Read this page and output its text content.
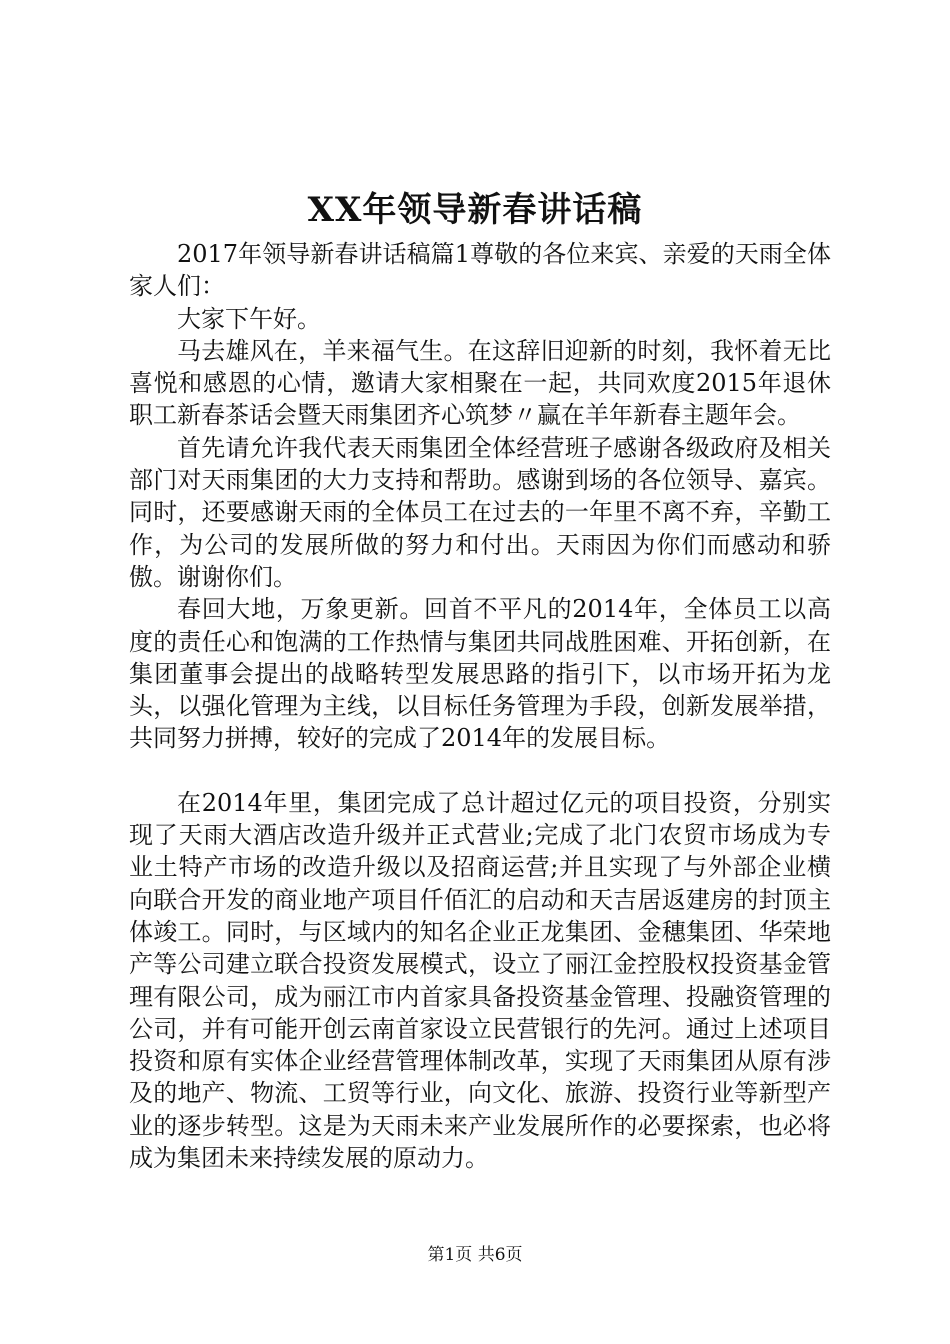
XX年领导新春讲话稿

2017年领导新春讲话稿篇1尊敬的各位来宾、亲爱的天雨全体家人们：

大家下午好。

马去雄风在，羊来福气生。在这辞旧迎新的时刻，我怀着无比喜悦和感恩的心情，邀请大家相聚在一起，共同欢度2015年退休职工新春茶话会暨天雨集团齐心筑梦〃赢在羊年新春主题年会。

首先请允许我代表天雨集团全体经营班子感谢各级政府及相关部门对天雨集团的大力支持和帮助。感谢到场的各位领导、嘉宾。同时，还要感谢天雨的全体员工在过去的一年里不离不弃，辛勤工作，为公司的发展所做的努力和付出。天雨因为你们而感动和骄傲。谢谢你们。

春回大地，万象更新。回首不平凡的2014年，全体员工以高度的责任心和饱满的工作热情与集团共同战胜困难、开拓创新，在集团董事会提出的战略转型发展思路的指引下，以市场开拓为龙头，以强化管理为主线，以目标任务管理为手段，创新发展举措，共同努力拼搏，较好的完成了2014年的发展目标。

在2014年里，集团完成了总计超过亿元的项目投资，分别实现了天雨大酒店改造升级并正式营业;完成了北门农贸市场成为专业土特产市场的改造升级以及招商运营;并且实现了与外部企业横向联合开发的商业地产项目仟佰汇的启动和天吉居返建房的封顶主体竣工。同时，与区域内的知名企业正龙集团、金穗集团、华荣地产等公司建立联合投资发展模式，设立了丽江金控股权投资基金管理有限公司，成为丽江市内首家具备投资基金管理、投融资管理的公司，并有可能开创云南首家设立民营银行的先河。通过上述项目投资和原有实体企业经营管理体制改革，实现了天雨集团从原有涉及的地产、物流、工贸等行业，向文化、旅游、投资行业等新型产业的逐步转型。这是为天雨未来产业发展所作的必要探索，也必将成为集团未来持续发展的原动力。

第1页 共6页
